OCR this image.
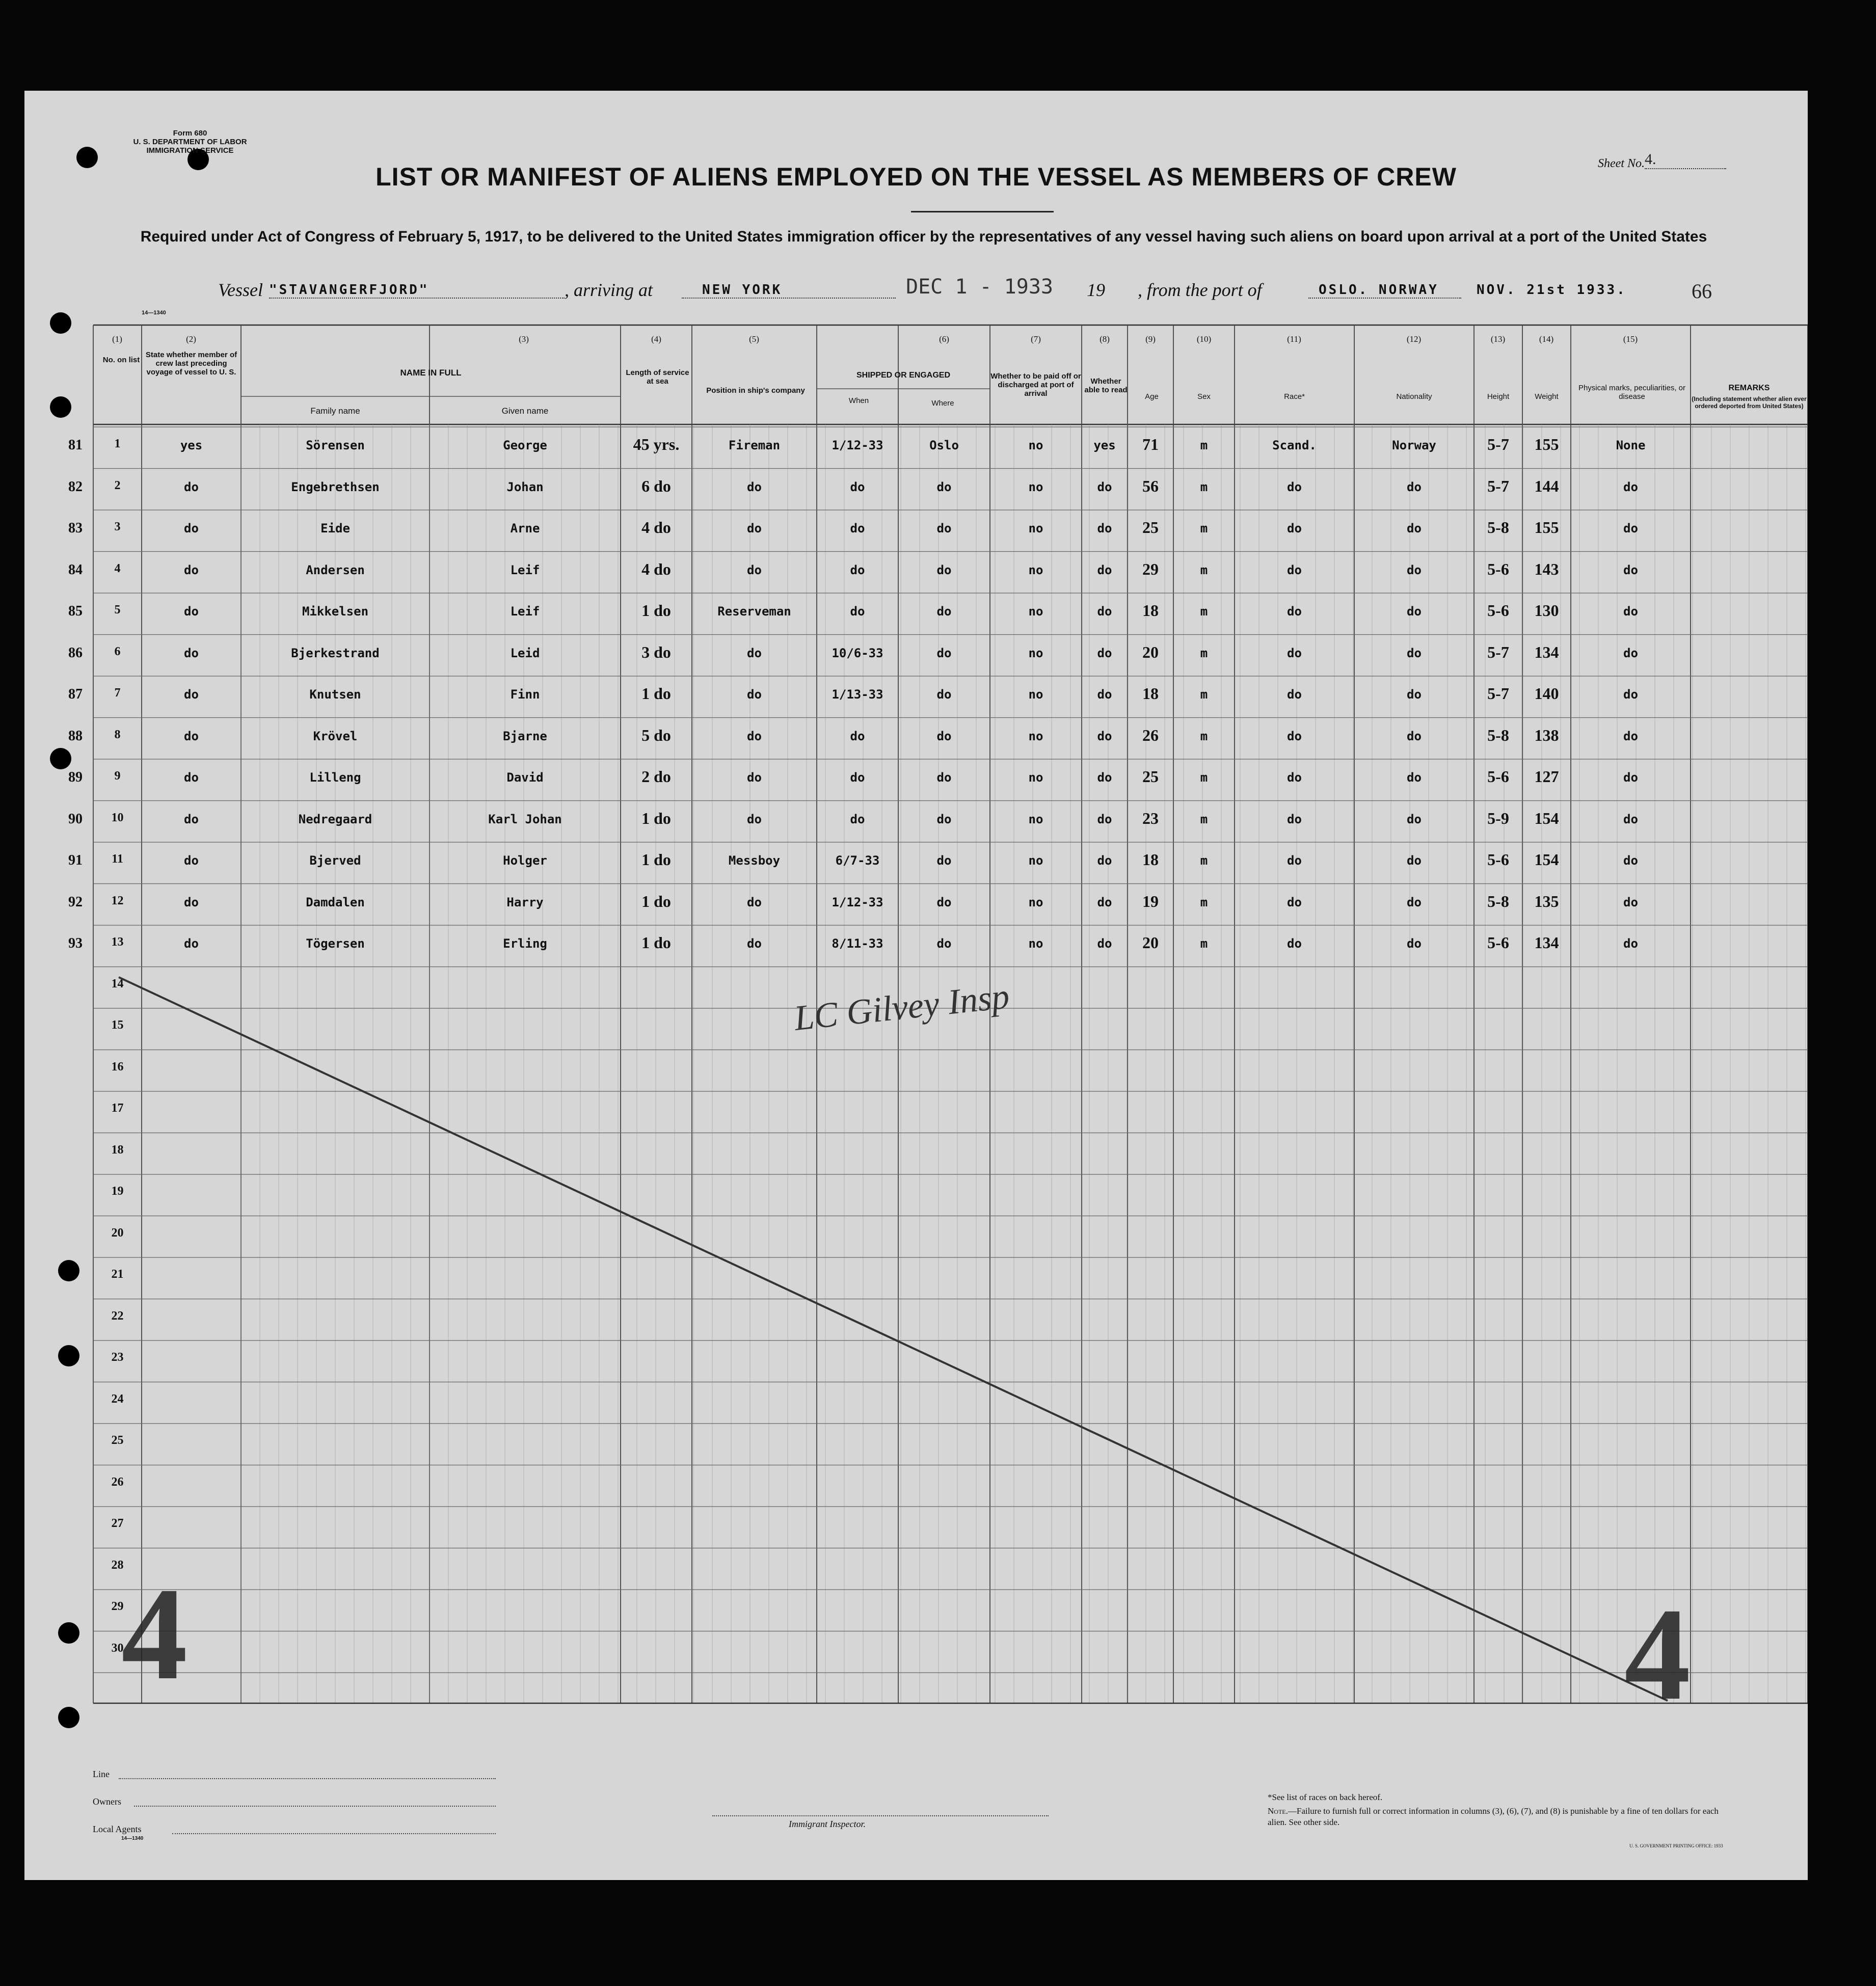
Form 680
U. S. DEPARTMENT OF LABOR
IMMIGRATION SERVICE
Sheet No. 4.
LIST OR MANIFEST OF ALIENS EMPLOYED ON THE VESSEL AS MEMBERS OF CREW
Required under Act of Congress of February 5, 1917, to be delivered to the United States immigration officer by the representatives of any vessel having such aliens on board upon arrival at a port of the United States
Vessel "STAVANGERFJORD"	, arriving at	NEW YORK	DEC 1 - 1933 19 , from the port of	OSLO. NORWAY	NOV. 21st 1933.	66
14—1340
(1)	(2)	(3)	(4)	(5)	(6)	(7)	(8)	(9)	(10)	(11)	(12)	(13)	(14)	(15)
No. on list
State whether member of crew last preceding voyage of vessel to U. S.	NAME IN FULL
Family name	Given name
Length of service at sea
Position in ship's company
SHIPPED OR ENGAGED
When	Where
Whether to be paid off or discharged at port of arrival
Whether able to read
Age	Sex	Race*	Nationality	Height	Weight
Physical marks, peculiarities, or disease
REMARKS
(Including statement whether alien ever ordered deported from United States)
81	1	yes	Sörensen	George	45 yrs.	Fireman	1/12-33	Oslo	no	yes	71	m	Scand.	Norway	5-7	155	None
82	2	do	Engebrethsen	Johan	6 do	do	do	do	no	do	56	m	do	do	5-7	144	do
83	3	do	Eide	Arne	4 do	do	do	do	no	do	25	m	do	do	5-8	155	do
84	4	do	Andersen	Leif	4 do	do	do	do	no	do	29	m	do	do	5-6	143	do
85	5	do	Mikkelsen	Leif	1 do	Reserveman	do	do	no	do	18	m	do	do	5-6	130	do
86	6	do	Bjerkestrand	Leid	3 do	do	10/6-33	do	no	do	20	m	do	do	5-7	134	do
87	7	do	Knutsen	Finn	1 do	do	1/13-33	do	no	do	18	m	do	do	5-7	140	do
88	8	do	Krövel	Bjarne	5 do	do	do	do	no	do	26	m	do	do	5-8	138	do
89	9	do	Lilleng	David	2 do	do	do	do	no	do	25	m	do	do	5-6	127	do
90	10	do	Nedregaard	Karl Johan	1 do	do	do	do	no	do	23	m	do	do	5-9	154	do
91	11	do	Bjerved	Holger	1 do	Messboy	6/7-33	do	no	do	18	m	do	do	5-6	154	do
92	12	do	Damdalen	Harry	1 do	do	1/12-33	do	no	do	19	m	do	do	5-8	135	do
93	13	do	Tögersen	Erling	1 do	do	8/11-33	do	no	do	20	m	do	do	5-6	134	do
14
15
16
17
18
19
20
21
22
23
24
25
26
27
28
29
30
LC Gilvey Insp
4	4
Line
Owners
Local Agents
14—1340
Immigrant Inspector.
*See list of races on back hereof.
Note.—Failure to furnish full or correct information in columns (3), (6), (7), and (8) is punishable by a fine of ten dollars for each alien. See other side.
U. S. GOVERNMENT PRINTING OFFICE: 1933
